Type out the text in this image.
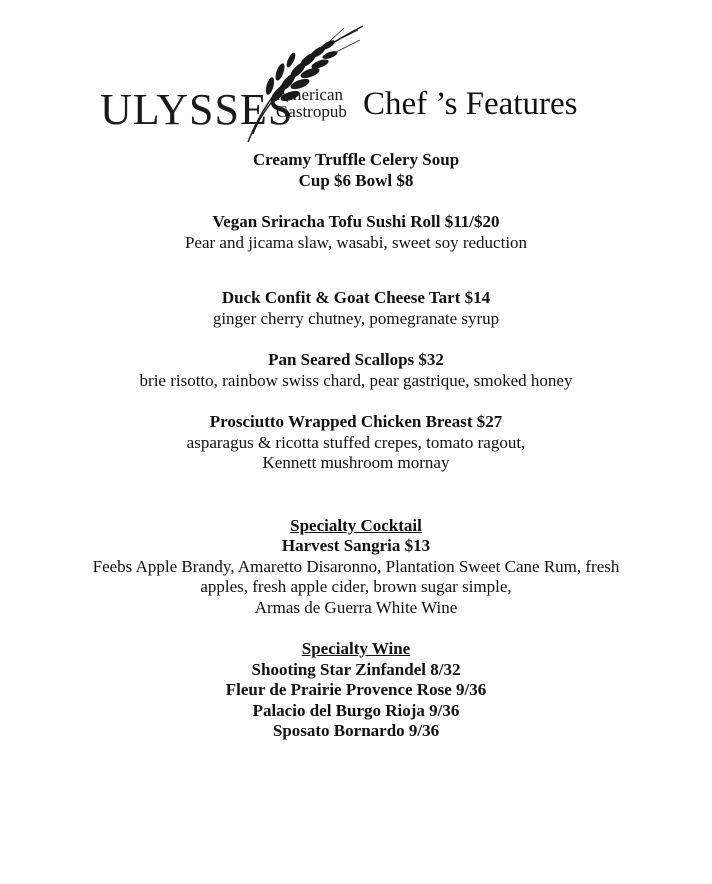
ULYSSES
American
Gastropub Chef ’s Features
Creamy Truffle Celery Soup
Cup $6 Bowl $8
Vegan Sriracha Tofu Sushi Roll $11/$20
Pear and jicama slaw, wasabi, sweet soy reduction
Duck Confit & Goat Cheese Tart $14
ginger cherry chutney, pomegranate syrup
Pan Seared Scallops $32
brie risotto, rainbow swiss chard, pear gastrique, smoked honey
Prosciutto Wrapped Chicken Breast $27
asparagus & ricotta stuffed crepes, tomato ragout,
Kennett mushroom mornay
Specialty Cocktail
Harvest Sangria $13
Feebs Apple Brandy, Amaretto Disaronno, Plantation Sweet Cane Rum, fresh
apples, fresh apple cider, brown sugar simple,
Armas de Guerra White Wine
Specialty Wine
Shooting Star Zinfandel 8/32
Fleur de Prairie Provence Rose 9/36
Palacio del Burgo Rioja 9/36
Sposato Bornardo 9/36
